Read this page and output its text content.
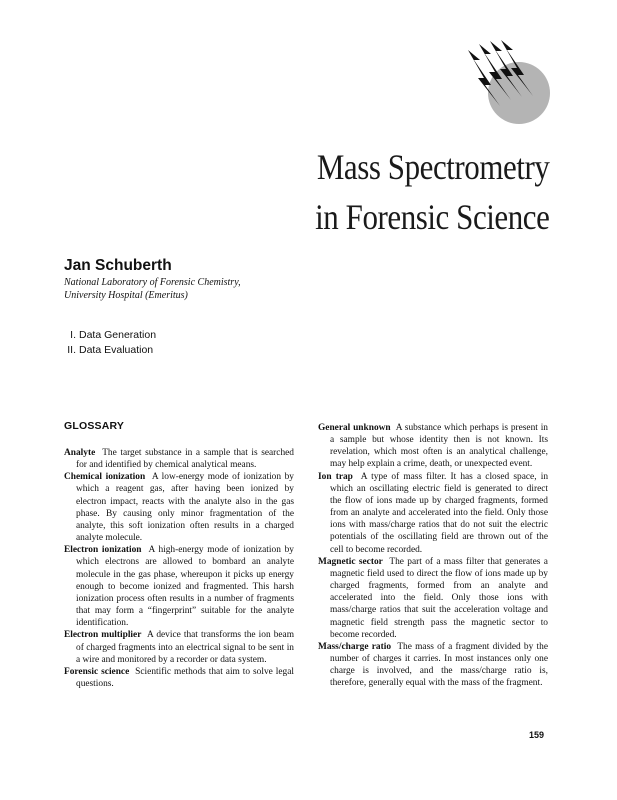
Mass Spectrometry
in Forensic Science
Jan Schuberth
National Laboratory of Forensic Chemistry,
University Hospital (Emeritus)
I. Data Generation
II. Data Evaluation
GLOSSARY

Analyte The target substance in a sample that is searched for and identified by chemical analytical means.

Chemical ionization A low-energy mode of ionization by which a reagent gas, after having been ionized by electron impact, reacts with the analyte also in the gas phase. By causing only minor fragmentation of the analyte, this soft ionization often results in a charged analyte molecule.

Electron ionization A high-energy mode of ionization by which electrons are allowed to bombard an analyte molecule in the gas phase, whereupon it picks up energy enough to become ionized and fragmented. This harsh ionization process often results in a number of fragments that may form a “fingerprint” suitable for the analyte identification.

Electron multiplier A device that transforms the ion beam of charged fragments into an electrical signal to be sent in a wire and monitored by a recorder or data system.

Forensic science Scientific methods that aim to solve legal questions.

General unknown A substance which perhaps is present in a sample but whose identity then is not known. Its revelation, which most often is an analytical challenge, may help explain a crime, death, or unexpected event.

Ion trap A type of mass filter. It has a closed space, in which an oscillating electric field is generated to direct the flow of ions made up by charged fragments, formed from an analyte and accelerated into the field. Only those ions with mass/charge ratios that do not suit the electric potentials of the oscillating field are thrown out of the cell to become recorded.

Magnetic sector The part of a mass filter that generates a magnetic field used to direct the flow of ions made up by charged fragments, formed from an analyte and accelerated into the field. Only those ions with mass/charge ratios that suit the acceleration voltage and magnetic field strength pass the magnetic sector to become recorded.

Mass/charge ratio The mass of a fragment divided by the number of charges it carries. In most instances only one charge is involved, and the mass/charge ratio is, therefore, generally equal with the mass of the fragment.

159
